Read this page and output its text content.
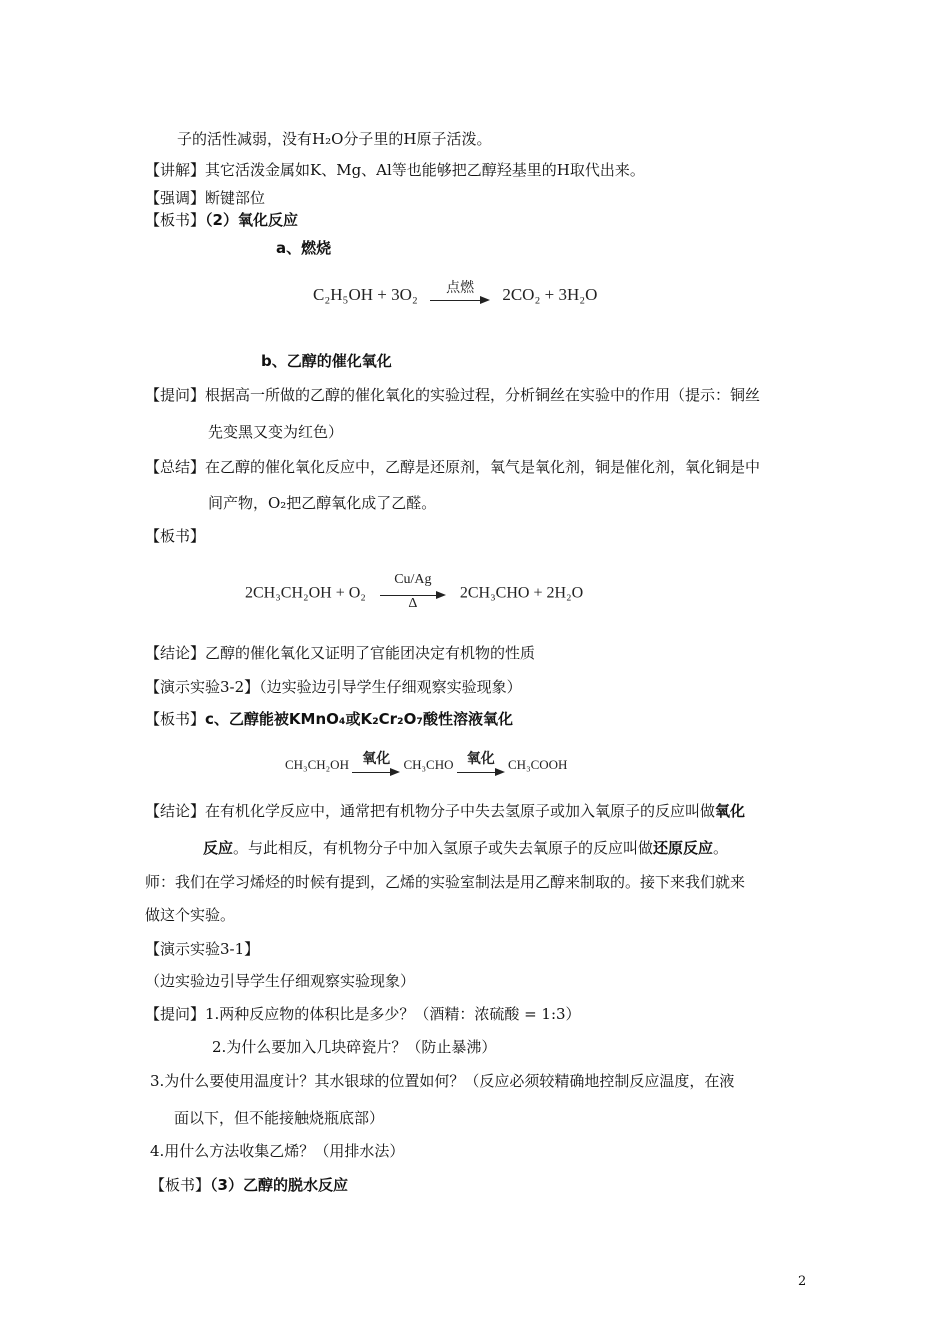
子的活性减弱，没有H₂O分子里的H原子活泼。
【讲解】其它活泼金属如K、Mg、Al等也能够把乙醇羟基里的H取代出来。
【强调】断键部位
【板书】（2）氧化反应
a、燃烧
C₂H₅OH + 3O₂	点燃	2CO₂ + 3H₂O
b、乙醇的催化氧化
【提问】根据高一所做的乙醇的催化氧化的实验过程，分析铜丝在实验中的作用（提示：铜丝
先变黑又变为红色）
【总结】在乙醇的催化氧化反应中，乙醇是还原剂，氧气是氧化剂，铜是催化剂，氧化铜是中
间产物，O₂把乙醇氧化成了乙醛。
【板书】
$2CH_3CH_2OH + O_2 \frac{Cu/Ag}{\Delta} 2CH_3CHO + 2H_2O$
【结论】乙醇的催化氧化又证明了官能团决定有机物的性质
【演示实验3-2】（边实验边引导学生仔细观察实验现象）
【板书】c、乙醇能被KMnO₄或K₂Cr₂O₇酸性溶液氧化
CH₃CH₂OH 氧化	CH₃CHO 氧化	CH₃COOH
【结论】在有机化学反应中，通常把有机物分子中失去氢原子或加入氧原子的反应叫做氧化
反应。与此相反，有机物分子中加入氢原子或失去氧原子的反应叫做还原反应。
师：我们在学习烯烃的时候有提到，乙烯的实验室制法是用乙醇来制取的。接下来我们就来
做这个实验。
【演示实验3-1】
（边实验边引导学生仔细观察实验现象）
【提问】1.两种反应物的体积比是多少？（酒精：浓硫酸 = 1:3）
2.为什么要加入几块碎瓷片？（防止暴沸）
3.为什么要使用温度计？其水银球的位置如何？（反应必须较精确地控制反应温度，在液
面以下，但不能接触烧瓶底部）
4.用什么方法收集乙烯？（用排水法）
【板书】（3）乙醇的脱水反应
2
